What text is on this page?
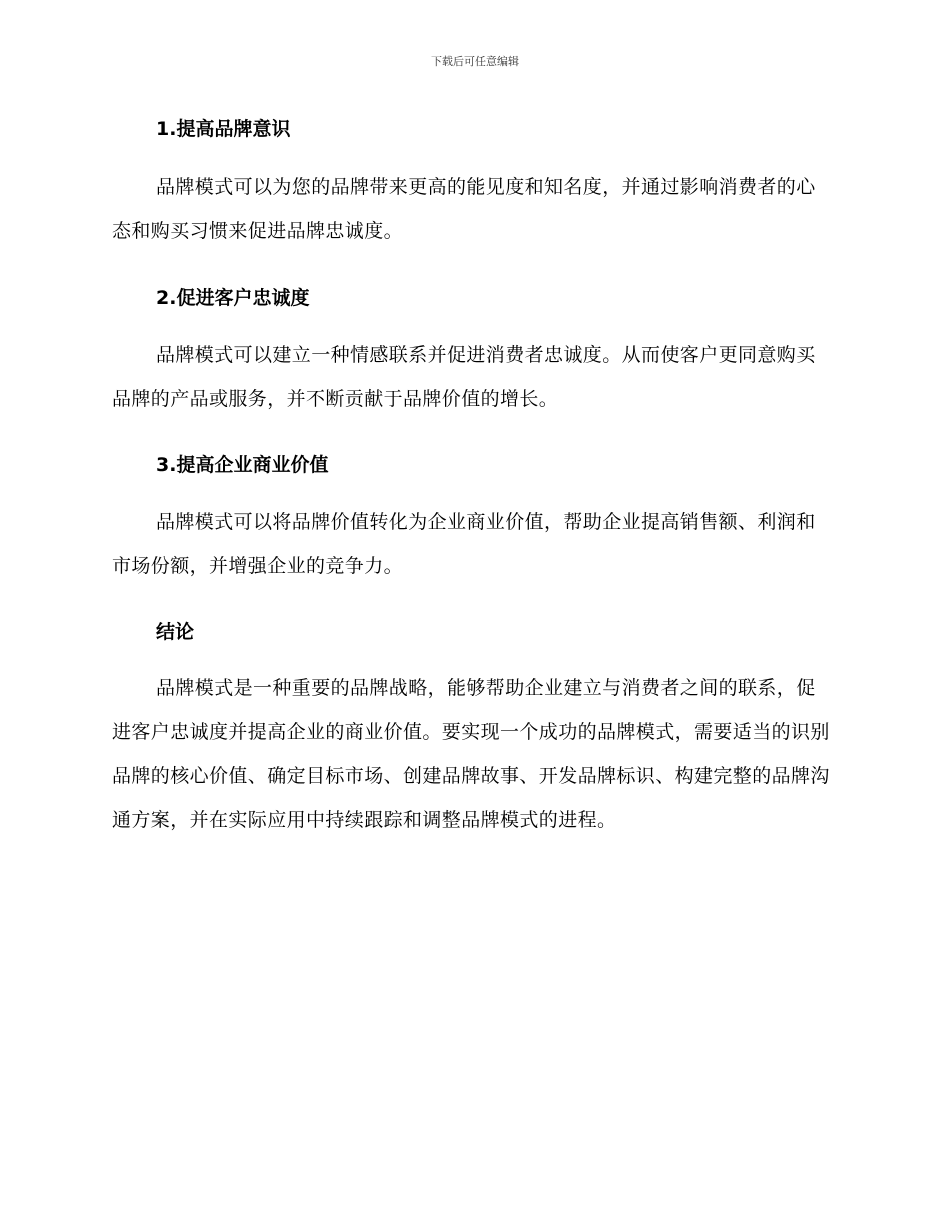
下载后可任意编辑
1.提高品牌意识

品牌模式可以为您的品牌带来更高的能见度和知名度，并通过影响消费者的心态和购买习惯来促进品牌忠诚度。

2.促进客户忠诚度

品牌模式可以建立一种情感联系并促进消费者忠诚度。从而使客户更同意购买品牌的产品或服务，并不断贡献于品牌价值的增长。

3.提高企业商业价值

品牌模式可以将品牌价值转化为企业商业价值，帮助企业提高销售额、利润和市场份额，并增强企业的竞争力。

结论

品牌模式是一种重要的品牌战略，能够帮助企业建立与消费者之间的联系，促进客户忠诚度并提高企业的商业价值。要实现一个成功的品牌模式，需要适当的识别品牌的核心价值、确定目标市场、创建品牌故事、开发品牌标识、构建完整的品牌沟通方案，并在实际应用中持续跟踪和调整品牌模式的进程。
